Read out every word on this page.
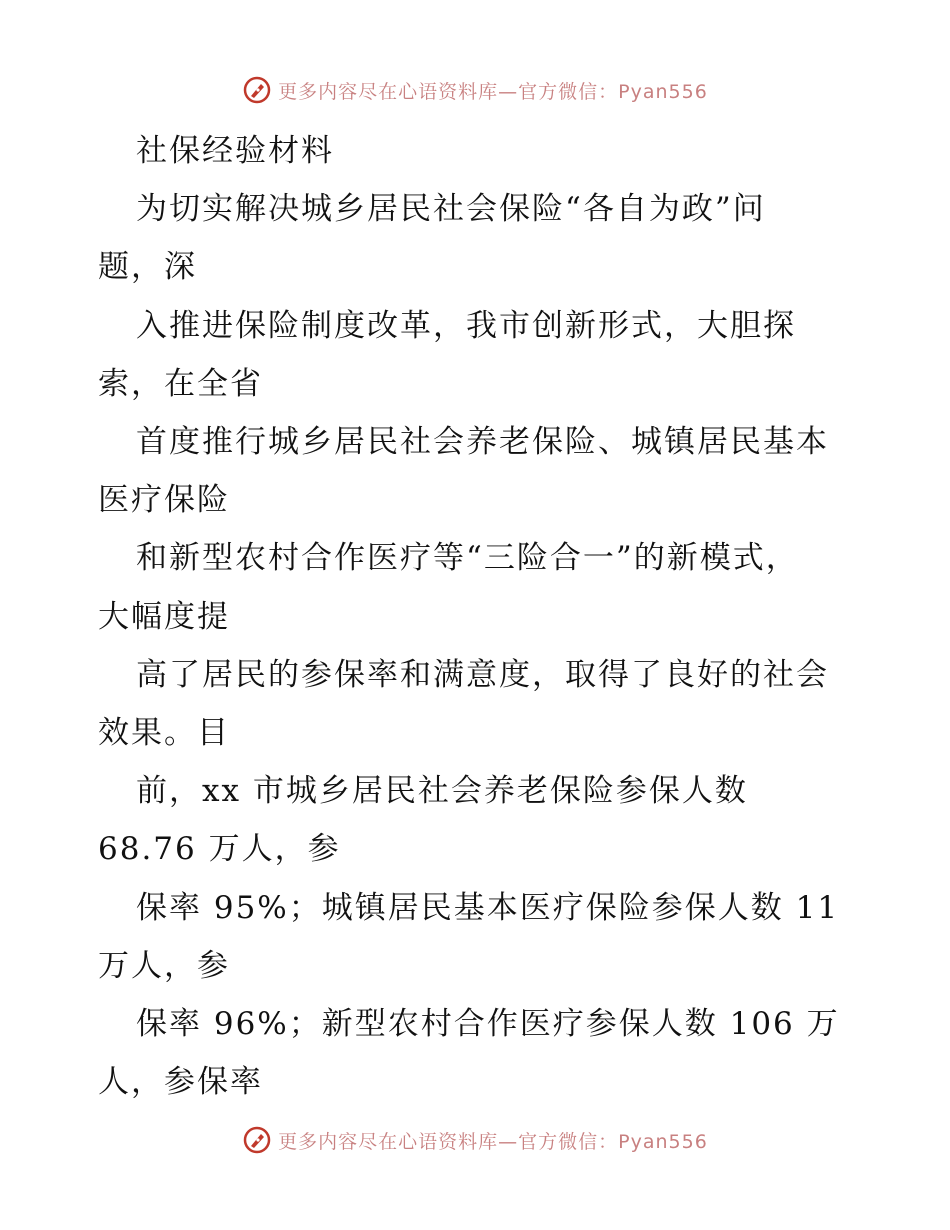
更多内容尽在心语资料库—官方微信：Pyan556
社保经验材料
为切实解决城乡居民社会保险“各自为政”问
题，深
入推进保险制度改革，我市创新形式，大胆探
索，在全省
首度推行城乡居民社会养老保险、城镇居民基本
医疗保险
和新型农村合作医疗等“三险合一”的新模式，
大幅度提
高了居民的参保率和满意度，取得了良好的社会
效果。目
前，xx 市城乡居民社会养老保险参保人数
68.76 万人，参
保率 95%；城镇居民基本医疗保险参保人数 11
万人，参
保率 96%；新型农村合作医疗参保人数 106 万
人，参保率
更多内容尽在心语资料库—官方微信：Pyan556
